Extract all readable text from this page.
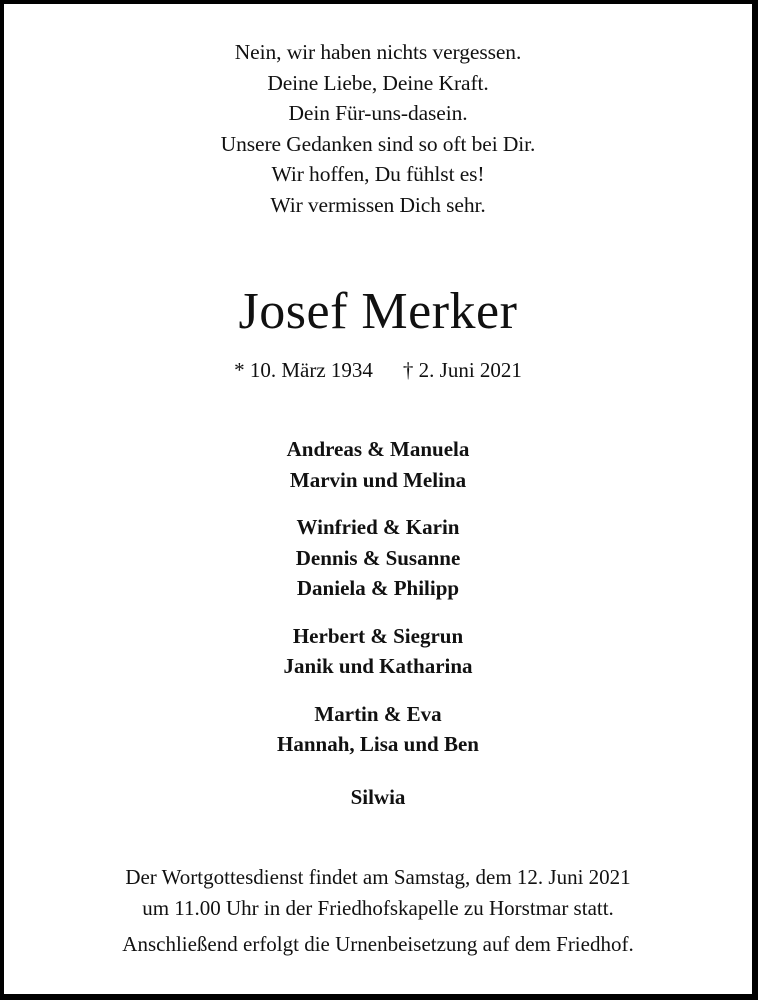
Nein, wir haben nichts vergessen.
Deine Liebe, Deine Kraft.
Dein Für-uns-dasein.
Unsere Gedanken sind so oft bei Dir.
Wir hoffen, Du fühlst es!
Wir vermissen Dich sehr.
Josef Merker
* 10. März 1934 † 2. Juni 2021
Andreas & Manuela
Marvin und Melina
Winfried & Karin
Dennis & Susanne
Daniela & Philipp
Herbert & Siegrun
Janik und Katharina
Martin & Eva
Hannah, Lisa und Ben
Silwia
Der Wortgottesdienst findet am Samstag, dem 12. Juni 2021
um 11.00 Uhr in der Friedhofskapelle zu Horstmar statt.
Anschließend erfolgt die Urnenbeisetzung auf dem Friedhof.
